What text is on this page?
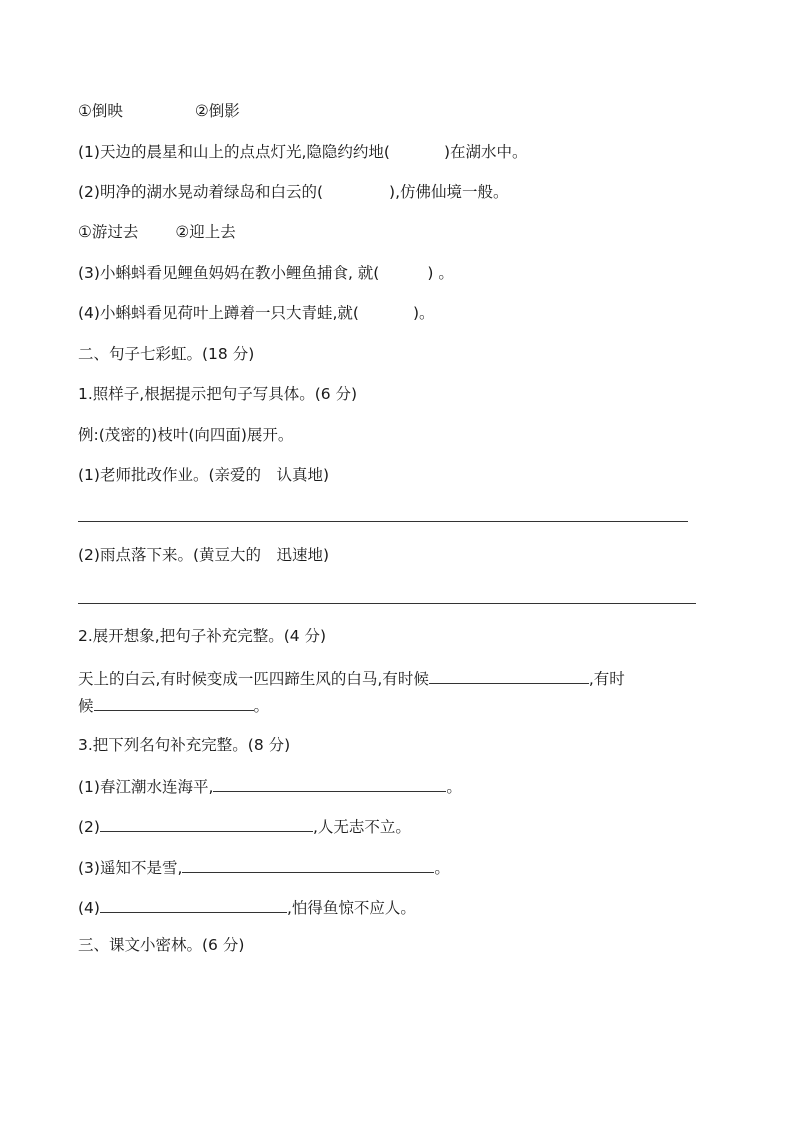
①倒映	②倒影
(1)天边的晨星和山上的点点灯光,隐隐约约地(	)在湖水中。
(2)明净的湖水晃动着绿岛和白云的(	),仿佛仙境一般。
①游过去 ②迎上去
(3)小蝌蚪看见鲤鱼妈妈在教小鲤鱼捕食, 就(	) 。
(4)小蝌蚪看见荷叶上蹲着一只大青蛙,就(	)。
二、句子七彩虹。(18 分)
1.照样子,根据提示把句子写具体。(6 分)
例:(茂密的)枝叶(向四面)展开。
(1)老师批改作业。(亲爱的　认真地)
(2)雨点落下来。(黄豆大的　迅速地)
2.展开想象,把句子补充完整。(4 分)
天上的白云,有时候变成一匹四蹄生风的白马,有时候	,有时
候	。
3.把下列名句补充完整。(8 分)
(1)春江潮水连海平,	。
(2)	,人无志不立。
(3)遥知不是雪,	。
(4)	,怕得鱼惊不应人。
三、课文小密林。(6 分)
